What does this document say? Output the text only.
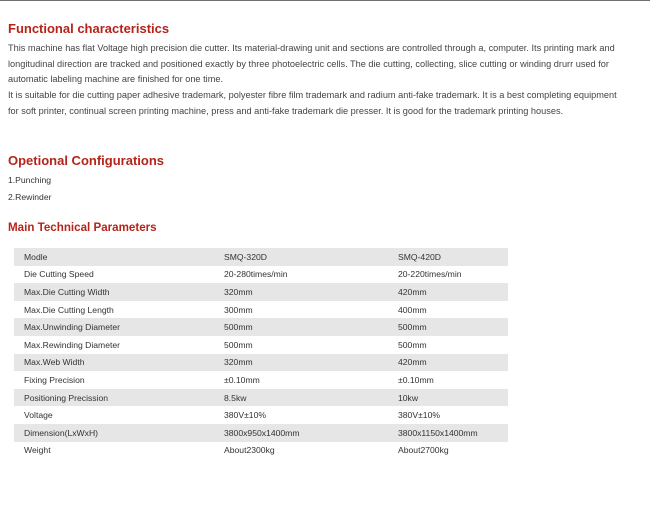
Functional characteristics

This machine has flat Voltage high precision die cutter. Its material-drawing unit and sections are controlled through a, computer. Its printing mark and longitudinal direction are tracked and positioned exactly by three photoelectric cells. The die cutting, collecting, slice cutting or winding drurr used for automatic labeling machine are finished for one time.

It is suitable for die cutting paper adhesive trademark, polyester fibre film trademark and radium anti-fake trademark. It is a best completing equipment for soft printer, continual screen printing machine, press and anti-fake trademark die presser. It is good for the trademark printing houses.

Opetional Configurations

1.Punching

2.Rewinder

Main Technical Parameters
Modle	SMQ-320D	SMQ-420D
Die Cutting Speed	20-280times/min	20-220times/min
Max.Die Cutting Width	320mm	420mm
Max.Die Cutting Length	300mm	400mm
Max.Unwinding Diameter	500mm	500mm
Max.Rewinding Diameter	500mm	500mm
Max.Web Width	320mm	420mm
Fixing Precision	±0.10mm	±0.10mm
Positioning Precission	8.5kw	10kw
Voltage	380V±10%	380V±10%
Dimension(LxWxH)	3800x950x1400mm	3800x1150x1400mm
Weight	About2300kg	About2700kg
